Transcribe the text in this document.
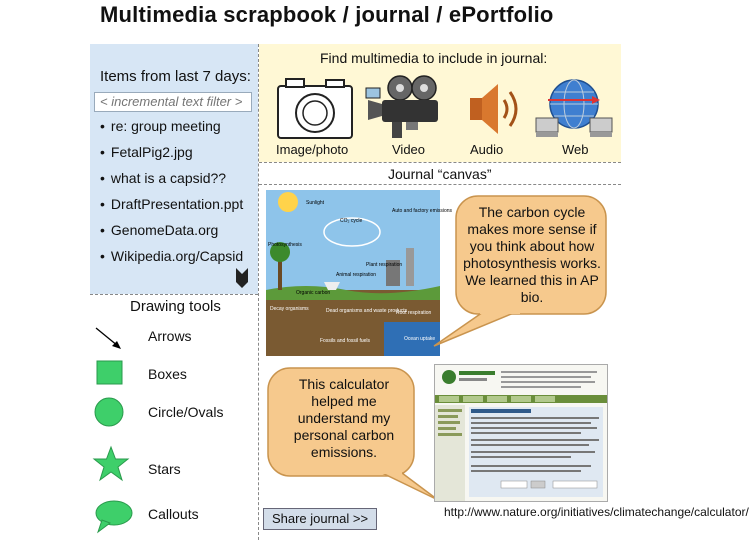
Multimedia scrapbook / journal / ePortfolio
Items from last 7 days:
< incremental text filter >
• re: group meeting
• FetalPig2.jpg
• what is a capsid??
• DraftPresentation.ppt
• GenomeData.org
• Wikipedia.org/Capsid
Drawing tools
Arrows
Boxes
Circle/Ovals
Stars
Callouts
Find multimedia to include in journal:
Image/photo	Video	Audio	Web
Journal “canvas”
Sunlight
CO₂ cycle
Auto and factory emissions
Photosynthesis
Plant respiration
Animal respiration
Organic carbon
Decay organisms	Dead organisms and waste products
Root respiration
Fossils and fossil fuels	Ocean uptake
The carbon cycle makes more sense if you think about how photosynthesis works. We learned this in AP bio.
This calculator helped me understand my personal carbon emissions.
http://www.nature.org/initiatives/climatechange/calculator/
Share journal >>
